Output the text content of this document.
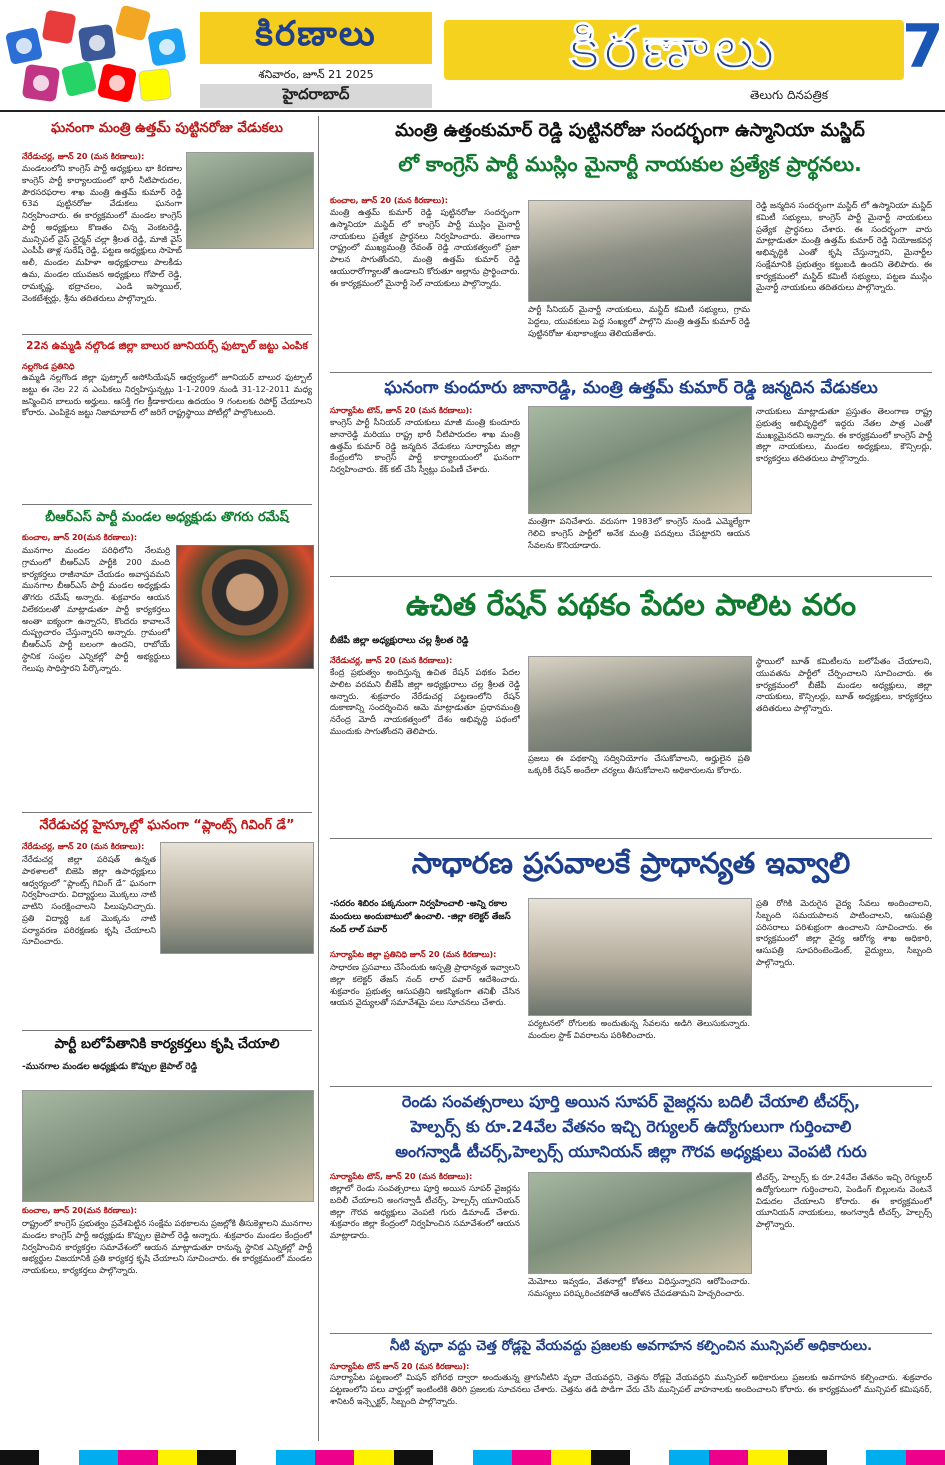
కిరణాలు
శనివారం, జూన్ 21 2025
హైదరాబాద్
కిరణాలు	7
తెలుగు దినపత్రిక
ఘనంగా మంత్రి ఉత్తమ్ పుట్టినరోజు వేడుకలు
నేరేడుచర్ల, జూన్ 20 (మన కిరణాలు):
మండలంలోని కాంగ్రెస్ పార్టీ అధ్యక్షులు భా కిరణాల కాంగ్రెస్ పార్టీ కార్యాలయంలో భారీ నీటిపారుదల, పౌరసరఫరాల శాఖ మంత్రి ఉత్తమ్ కుమార్ రెడ్డి 63వ పుట్టినరోజు వేడుకలు ఘనంగా నిర్వహించారు. ఈ కార్యక్రమంలో మండల కాంగ్రెస్ పార్టీ అధ్యక్షులు కొణతం చిన్న వెంకటరెడ్డి, మున్సిపల్ వైస్ చైర్మన్ చల్లా శ్రీలత రెడ్డి, మాజీ వైస్ ఎంపీపీ తాళ్ల సురేష్ రెడ్డి, పట్టణ అధ్యక్షులు సాహెబ్ అలీ, మండల మహిళా అధ్యక్షురాలు పాలకీడు ఉమ, మండల యువజన అధ్యక్షులు గోపాల్ రెడ్డి, రామకృష్ణ, భద్రాచలం, ఎండి ఇస్మాయిల్, వెంకటేశ్వర్లు, శ్రీను తదితరులు పాల్గొన్నారు.
22న ఉమ్మడి నల్గొండ జిల్లా బాలుర జూనియర్స్ ఫుట్బాల్ జట్టు ఎంపిక
నల్లగొండ ప్రతినిధి
ఉమ్మడి నల్లగొండ జిల్లా ఫుట్బాల్ అసోసియేషన్ ఆధ్వర్యంలో జూనియర్ బాలుర ఫుట్బాల్ జట్టు ఈ నెల 22 న ఎంపికలు నిర్వహిస్తున్నట్లు 1-1-2009 నుండి 31-12-2011 మధ్య జన్మించిన బాలురు అర్హులు. ఆసక్తి గల క్రీడాకారులు ఉదయం 9 గంటలకు రిపోర్ట్ చేయాలని కోరారు. ఎంపికైన జట్టు నిజామాబాద్ లో జరిగే రాష్ట్రస్థాయి పోటీల్లో పాల్గొంటుంది.
బీఆర్ఎస్ పార్టీ మండల అధ్యక్షుడు తొగరు రమేష్
కుంచాల, జూన్ 20(మన కిరణాలు):
మునగాల మండల పరిధిలోని నేలమర్రి గ్రామంలో బీఆర్ఎస్ పార్టీకి 200 మంది కార్యకర్తలు రాజీనామా చేయడం అవాస్తవమని మునగాల బీఆర్ఎస్ పార్టీ మండల అధ్యక్షుడు తొగరు రమేష్ అన్నారు. శుక్రవారం ఆయన విలేకరులతో మాట్లాడుతూ పార్టీ కార్యకర్తలు అంతా ఐక్యంగా ఉన్నారని, కొందరు కావాలనే దుష్ప్రచారం చేస్తున్నారని అన్నారు. గ్రామంలో బీఆర్ఎస్ పార్టీ బలంగా ఉందని, రాబోయే స్థానిక సంస్థల ఎన్నికల్లో పార్టీ అభ్యర్థులు గెలుపు సాధిస్తారని పేర్కొన్నారు.
నేరేడుచర్ల హైస్కూల్లో ఘనంగా “ప్లాంట్స్ గివింగ్ డే”
నేరేడుచర్ల, జూన్ 20 (మన కిరణాలు):
నేరేడుచర్ల జిల్లా పరిషత్ ఉన్నత పాఠశాలలో బిజెపి జిల్లా ఉపాధ్యక్షులు ఆధ్వర్యంలో “ప్లాంట్స్ గివింగ్ డే” ఘనంగా నిర్వహించారు. విద్యార్థులు మొక్కలు నాటి వాటిని సంరక్షించాలని పిలుపునిచ్చారు. ప్రతి విద్యార్థి ఒక మొక్కను నాటి పర్యావరణ పరిరక్షణకు కృషి చేయాలని సూచించారు.
పార్టీ బలోపేతానికి కార్యకర్తలు కృషి చేయాలి
-మునగాల మండల అధ్యక్షుడు కొప్పుల జైపాల్ రెడ్డి
కుంచాల, జూన్ 20(మన కిరణాలు):
రాష్ట్రంలో కాంగ్రెస్ ప్రభుత్వం ప్రవేశపెట్టిన సంక్షేమ పథకాలను ప్రజల్లోకి తీసుకెళ్లాలని మునగాల మండల కాంగ్రెస్ పార్టీ అధ్యక్షుడు కొప్పుల జైపాల్ రెడ్డి అన్నారు. శుక్రవారం మండల కేంద్రంలో నిర్వహించిన కార్యకర్తల సమావేశంలో ఆయన మాట్లాడుతూ రానున్న స్థానిక ఎన్నికల్లో పార్టీ అభ్యర్థుల విజయానికి ప్రతి కార్యకర్త కృషి చేయాలని సూచించారు. ఈ కార్యక్రమంలో మండల నాయకులు, కార్యకర్తలు పాల్గొన్నారు.
మంత్రి ఉత్తంకుమార్ రెడ్డి పుట్టినరోజు సందర్భంగా ఉస్మానియా మస్జిద్
లో కాంగ్రెస్ పార్టీ ముస్లిం మైనార్టీ నాయకుల ప్రత్యేక ప్రార్థనలు.
కుంచాల, జూన్ 20 (మన కిరణాలు):
మంత్రి ఉత్తమ్ కుమార్ రెడ్డి పుట్టినరోజు సందర్భంగా ఉస్మానియా మస్జిద్ లో కాంగ్రెస్ పార్టీ ముస్లిం మైనార్టీ నాయకులు ప్రత్యేక ప్రార్థనలు నిర్వహించారు. తెలంగాణ రాష్ట్రంలో ముఖ్యమంత్రి రేవంత్ రెడ్డి నాయకత్వంలో ప్రజా పాలన సాగుతోందని, మంత్రి ఉత్తమ్ కుమార్ రెడ్డి ఆయురారోగ్యాలతో ఉండాలని కోరుతూ అల్లాను ప్రార్థించారు. ఈ కార్యక్రమంలో మైనార్టీ సెల్ నాయకులు పాల్గొన్నారు.
పార్టీ సీనియర్ మైనార్టీ నాయకులు, మస్జిద్ కమిటీ సభ్యులు, గ్రామ పెద్దలు, యువకులు పెద్ద సంఖ్యలో పాల్గొని మంత్రి ఉత్తమ్ కుమార్ రెడ్డి పుట్టినరోజు శుభాకాంక్షలు తెలియజేశారు.
రెడ్డి జన్మదిన సందర్భంగా మస్జిద్ లో ఉస్మానియా మస్జిద్ కమిటీ సభ్యులు, కాంగ్రెస్ పార్టీ మైనార్టీ నాయకులు ప్రత్యేక ప్రార్థనలు చేశారు. ఈ సందర్భంగా వారు మాట్లాడుతూ మంత్రి ఉత్తమ్ కుమార్ రెడ్డి నియోజకవర్గ అభివృద్ధికి ఎంతో కృషి చేస్తున్నారని, మైనార్టీల సంక్షేమానికి ప్రభుత్వం కట్టుబడి ఉందని తెలిపారు. ఈ కార్యక్రమంలో మస్జిద్ కమిటీ సభ్యులు, పట్టణ ముస్లిం మైనార్టీ నాయకులు తదితరులు పాల్గొన్నారు.
ఘనంగా కుందూరు జానారెడ్డి, మంత్రి ఉత్తమ్ కుమార్ రెడ్డి జన్మదిన వేడుకలు
సూర్యాపేట టౌన్, జూన్ 20 (మన కిరణాలు):
కాంగ్రెస్ పార్టీ సీనియర్ నాయకులు మాజీ మంత్రి కుందూరు జానారెడ్డి మరియు రాష్ట్ర భారీ నీటిపారుదల శాఖ మంత్రి ఉత్తమ్ కుమార్ రెడ్డి జన్మదిన వేడుకలు సూర్యాపేట జిల్లా కేంద్రంలోని కాంగ్రెస్ పార్టీ కార్యాలయంలో ఘనంగా నిర్వహించారు. కేక్ కట్ చేసి స్వీట్లు పంపిణీ చేశారు.
మంత్రిగా పనిచేశారు. వరుసగా 1983లో కాంగ్రెస్ నుండి ఎమ్మెల్యేగా గెలిచి కాంగ్రెస్ పార్టీలో అనేక మంత్రి పదవులు చేపట్టారని ఆయన సేవలను కొనియాడారు.
నాయకులు మాట్లాడుతూ ప్రస్తుతం తెలంగాణ రాష్ట్ర ప్రభుత్వ అభివృద్ధిలో ఇద్దరు నేతల పాత్ర ఎంతో ముఖ్యమైనదని అన్నారు. ఈ కార్యక్రమంలో కాంగ్రెస్ పార్టీ జిల్లా నాయకులు, మండల అధ్యక్షులు, కౌన్సిలర్లు, కార్యకర్తలు తదితరులు పాల్గొన్నారు.
ఉచిత రేషన్ పథకం పేదల పాలిట వరం
బీజేపీ జిల్లా అధ్యక్షురాలు చల్ల శ్రీలత రెడ్డి
నేరేడుచర్ల, జూన్ 20 (మన కిరణాలు):
కేంద్ర ప్రభుత్వం అందిస్తున్న ఉచిత రేషన్ పథకం పేదల పాలిట వరమని బీజేపీ జిల్లా అధ్యక్షురాలు చల్ల శ్రీలత రెడ్డి అన్నారు. శుక్రవారం నేరేడుచర్ల పట్టణంలోని రేషన్ దుకాణాన్ని సందర్శించిన ఆమె మాట్లాడుతూ ప్రధానమంత్రి నరేంద్ర మోదీ నాయకత్వంలో దేశం అభివృద్ధి పథంలో ముందుకు సాగుతోందని తెలిపారు.
ప్రజలు ఈ పథకాన్ని సద్వినియోగం చేసుకోవాలని, అర్హులైన ప్రతి ఒక్కరికీ రేషన్ అందేలా చర్యలు తీసుకోవాలని అధికారులను కోరారు.
స్థాయిలో బూత్ కమిటీలను బలోపేతం చేయాలని, యువతను పార్టీలో చేర్పించాలని సూచించారు. ఈ కార్యక్రమంలో బీజేపీ మండల అధ్యక్షులు, జిల్లా నాయకులు, కౌన్సిలర్లు, బూత్ అధ్యక్షులు, కార్యకర్తలు తదితరులు పాల్గొన్నారు.
సాధారణ ప్రసవాలకే ప్రాధాన్యత ఇవ్వాలి
-సదరం శిబిరం పక్కనుంగా నిర్వహించాలి -అన్ని రకాల మందులు అందుబాటులో ఉంచాలి. -జిల్లా కలెక్టర్ తేజస్ నంద్ లాల్ పవార్
సూర్యాపేట జిల్లా ప్రతినిధి జూన్ 20 (మన కిరణాలు):
సాధారణ ప్రసవాలు చేసేందుకు ఆస్పత్రి ప్రాధాన్యత ఇవ్వాలని జిల్లా కలెక్టర్ తేజస్ నంద్ లాల్ పవార్ ఆదేశించారు. శుక్రవారం ప్రభుత్వ ఆసుపత్రిని ఆకస్మికంగా తనిఖీ చేసిన ఆయన వైద్యులతో సమావేశమై పలు సూచనలు చేశారు.
పర్యటనలో రోగులకు అందుతున్న సేవలను అడిగి తెలుసుకున్నారు. మందుల స్టాక్ వివరాలను పరిశీలించారు.
ప్రతి రోగికి మెరుగైన వైద్య సేవలు అందించాలని, సిబ్బంది సమయపాలన పాటించాలని, ఆసుపత్రి పరిసరాలు పరిశుభ్రంగా ఉంచాలని సూచించారు. ఈ కార్యక్రమంలో జిల్లా వైద్య ఆరోగ్య శాఖ అధికారి, ఆసుపత్రి సూపరింటెండెంట్, వైద్యులు, సిబ్బంది పాల్గొన్నారు.
రెండు సంవత్సరాలు పూర్తి అయిన సూపర్ వైజర్లను బదిలీ చేయాలి టీచర్స్,
హెల్పర్స్ కు రూ.24వేల వేతనం ఇచ్చి రెగ్యులర్ ఉద్యోగులుగా గుర్తించాలి
అంగన్వాడీ టీచర్స్,హెల్పర్స్ యూనియన్ జిల్లా గౌరవ అధ్యక్షులు వెంపటి గురు
సూర్యాపేట టౌన్, జూన్ 20 (మన కిరణాలు):
జిల్లాలో రెండు సంవత్సరాలు పూర్తి అయిన సూపర్ వైజర్లను బదిలీ చేయాలని అంగన్వాడీ టీచర్స్, హెల్పర్స్ యూనియన్ జిల్లా గౌరవ అధ్యక్షులు వెంపటి గురు డిమాండ్ చేశారు. శుక్రవారం జిల్లా కేంద్రంలో నిర్వహించిన సమావేశంలో ఆయన మాట్లాడారు.
మెమోలు ఇవ్వడం, వేతనాల్లో కోతలు విధిస్తున్నారని ఆరోపించారు. సమస్యలు పరిష్కరించకపోతే ఆందోళన చేపడతామని హెచ్చరించారు.
టీచర్స్, హెల్పర్స్ కు రూ.24వేల వేతనం ఇచ్చి రెగ్యులర్ ఉద్యోగులుగా గుర్తించాలని, పెండింగ్ బిల్లులను వెంటనే విడుదల చేయాలని కోరారు. ఈ కార్యక్రమంలో యూనియన్ నాయకులు, అంగన్వాడీ టీచర్స్, హెల్పర్స్ పాల్గొన్నారు.
నీటి వృధా వద్దు చెత్త రోడ్లపై వేయవద్దు ప్రజలకు అవగాహన కల్పించిన మున్సిపల్ అధికారులు.
సూర్యాపేట టౌన్ జూన్ 20 (మన కిరణాలు):
సూర్యాపేట పట్టణంలో మిషన్ భగీరథ ద్వారా అందుతున్న త్రాగునీటిని వృధా చేయవద్దని, చెత్తను రోడ్లపై వేయవద్దని మున్సిపల్ అధికారులు ప్రజలకు అవగాహన కల్పించారు. శుక్రవారం పట్టణంలోని పలు వార్డుల్లో ఇంటింటికి తిరిగి ప్రజలకు సూచనలు చేశారు. చెత్తను తడి పొడిగా వేరు చేసి మున్సిపల్ వాహనాలకు అందించాలని కోరారు. ఈ కార్యక్రమంలో మున్సిపల్ కమిషనర్, శానిటరీ ఇన్స్పెక్టర్, సిబ్బంది పాల్గొన్నారు.
